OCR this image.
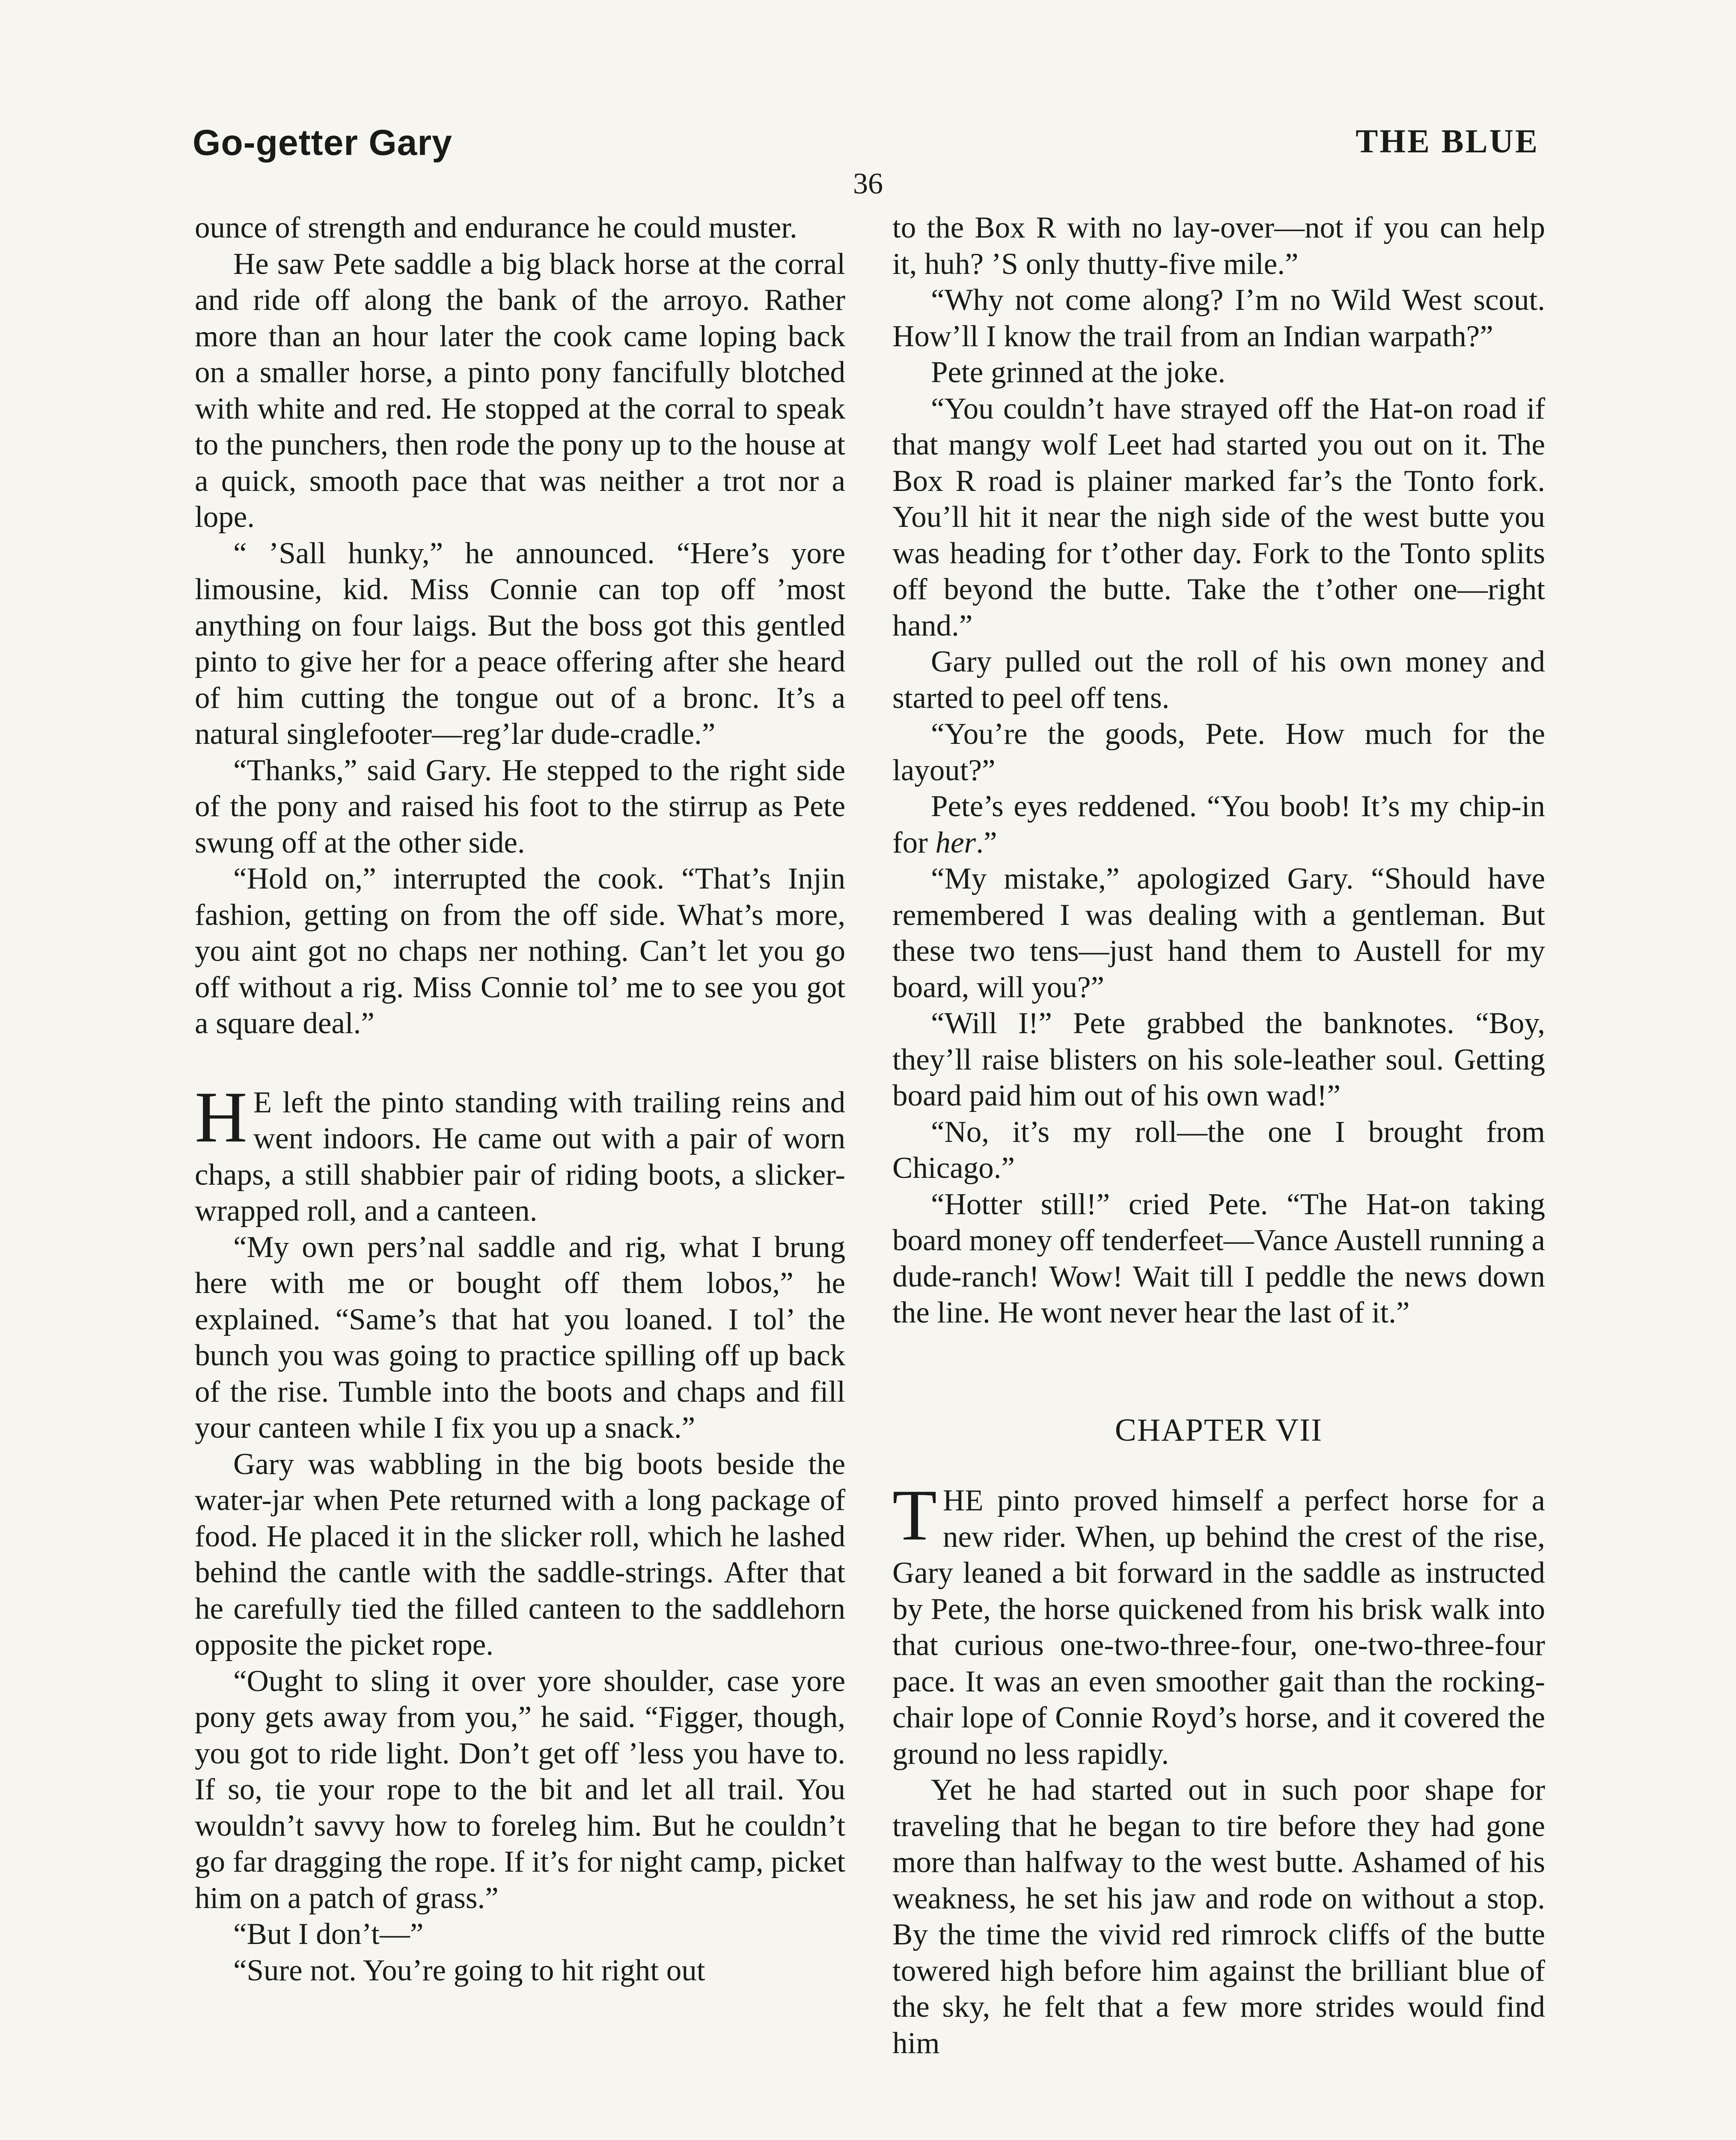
Go-getter Gary	THE BLUE
36

ounce of strength and endurance he could muster.

He saw Pete saddle a big black horse at the corral and ride off along the bank of the arroyo. Rather more than an hour later the cook came loping back on a smaller horse, a pinto pony fancifully blotched with white and red. He stopped at the corral to speak to the punchers, then rode the pony up to the house at a quick, smooth pace that was neither a trot nor a lope.

“ ’Sall hunky,” he announced. “Here’s yore limousine, kid. Miss Connie can top off ’most anything on four laigs. But the boss got this gentled pinto to give her for a peace offering after she heard of him cutting the tongue out of a bronc. It’s a natural singlefooter—reg’lar dude-cradle.”

“Thanks,” said Gary. He stepped to the right side of the pony and raised his foot to the stirrup as Pete swung off at the other side.

“Hold on,” interrupted the cook. “That’s Injin fashion, getting on from the off side. What’s more, you aint got no chaps ner nothing. Can’t let you go off without a rig. Miss Connie tol’ me to see you got a square deal.”

H E left the pinto standing with trailing reins and went indoors. He came out with a pair of worn chaps, a still shabbier pair of riding boots, a slicker-wrapped roll, and a canteen.

“My own pers’nal saddle and rig, what I brung here with me or bought off them lobos,” he explained. “Same’s that hat you loaned. I tol’ the bunch you was going to practice spilling off up back of the rise. Tumble into the boots and chaps and fill your canteen while I fix you up a snack.”

Gary was wabbling in the big boots beside the water-jar when Pete returned with a long package of food. He placed it in the slicker roll, which he lashed behind the cantle with the saddle-strings. After that he carefully tied the filled canteen to the saddlehorn opposite the picket rope.

“Ought to sling it over yore shoulder, case yore pony gets away from you,” he said. “Figger, though, you got to ride light. Don’t get off ’less you have to. If so, tie your rope to the bit and let all trail. You wouldn’t savvy how to foreleg him. But he couldn’t go far dragging the rope. If it’s for night camp, picket him on a patch of grass.”

“But I don’t—”

“Sure not. You’re going to hit right out

to the Box R with no lay-over—not if you can help it, huh? ’S only thutty-five mile.”

“Why not come along? I’m no Wild West scout. How’ll I know the trail from an Indian warpath?”

Pete grinned at the joke.

“You couldn’t have strayed off the Hat-on road if that mangy wolf Leet had started you out on it. The Box R road is plainer marked far’s the Tonto fork. You’ll hit it near the nigh side of the west butte you was heading for t’other day. Fork to the Tonto splits off beyond the butte. Take the t’other one—right hand.”

Gary pulled out the roll of his own money and started to peel off tens.

“You’re the goods, Pete. How much for the layout?”

Pete’s eyes reddened. “You boob! It’s my chip-in for her.”

“My mistake,” apologized Gary. “Should have remembered I was dealing with a gentleman. But these two tens—just hand them to Austell for my board, will you?”

“Will I!” Pete grabbed the banknotes. “Boy, they’ll raise blisters on his sole-leather soul. Getting board paid him out of his own wad!”

“No, it’s my roll—the one I brought from Chicago.”

“Hotter still!” cried Pete. “The Hat-on taking board money off tenderfeet—Vance Austell running a dude-ranch! Wow! Wait till I peddle the news down the line. He wont never hear the last of it.”

CHAPTER VII

THE pinto proved himself a perfect horse for a new rider. When, up behind the crest of the rise, Gary leaned a bit forward in the saddle as instructed by Pete, the horse quickened from his brisk walk into that curious one-two-three-four, one-two-three-four pace. It was an even smoother gait than the rocking-chair lope of Connie Royd’s horse, and it covered the ground no less rapidly.

Yet he had started out in such poor shape for traveling that he began to tire before they had gone more than halfway to the west butte. Ashamed of his weakness, he set his jaw and rode on without a stop. By the time the vivid red rimrock cliffs of the butte towered high before him against the brilliant blue of the sky, he felt that a few more strides would find him
